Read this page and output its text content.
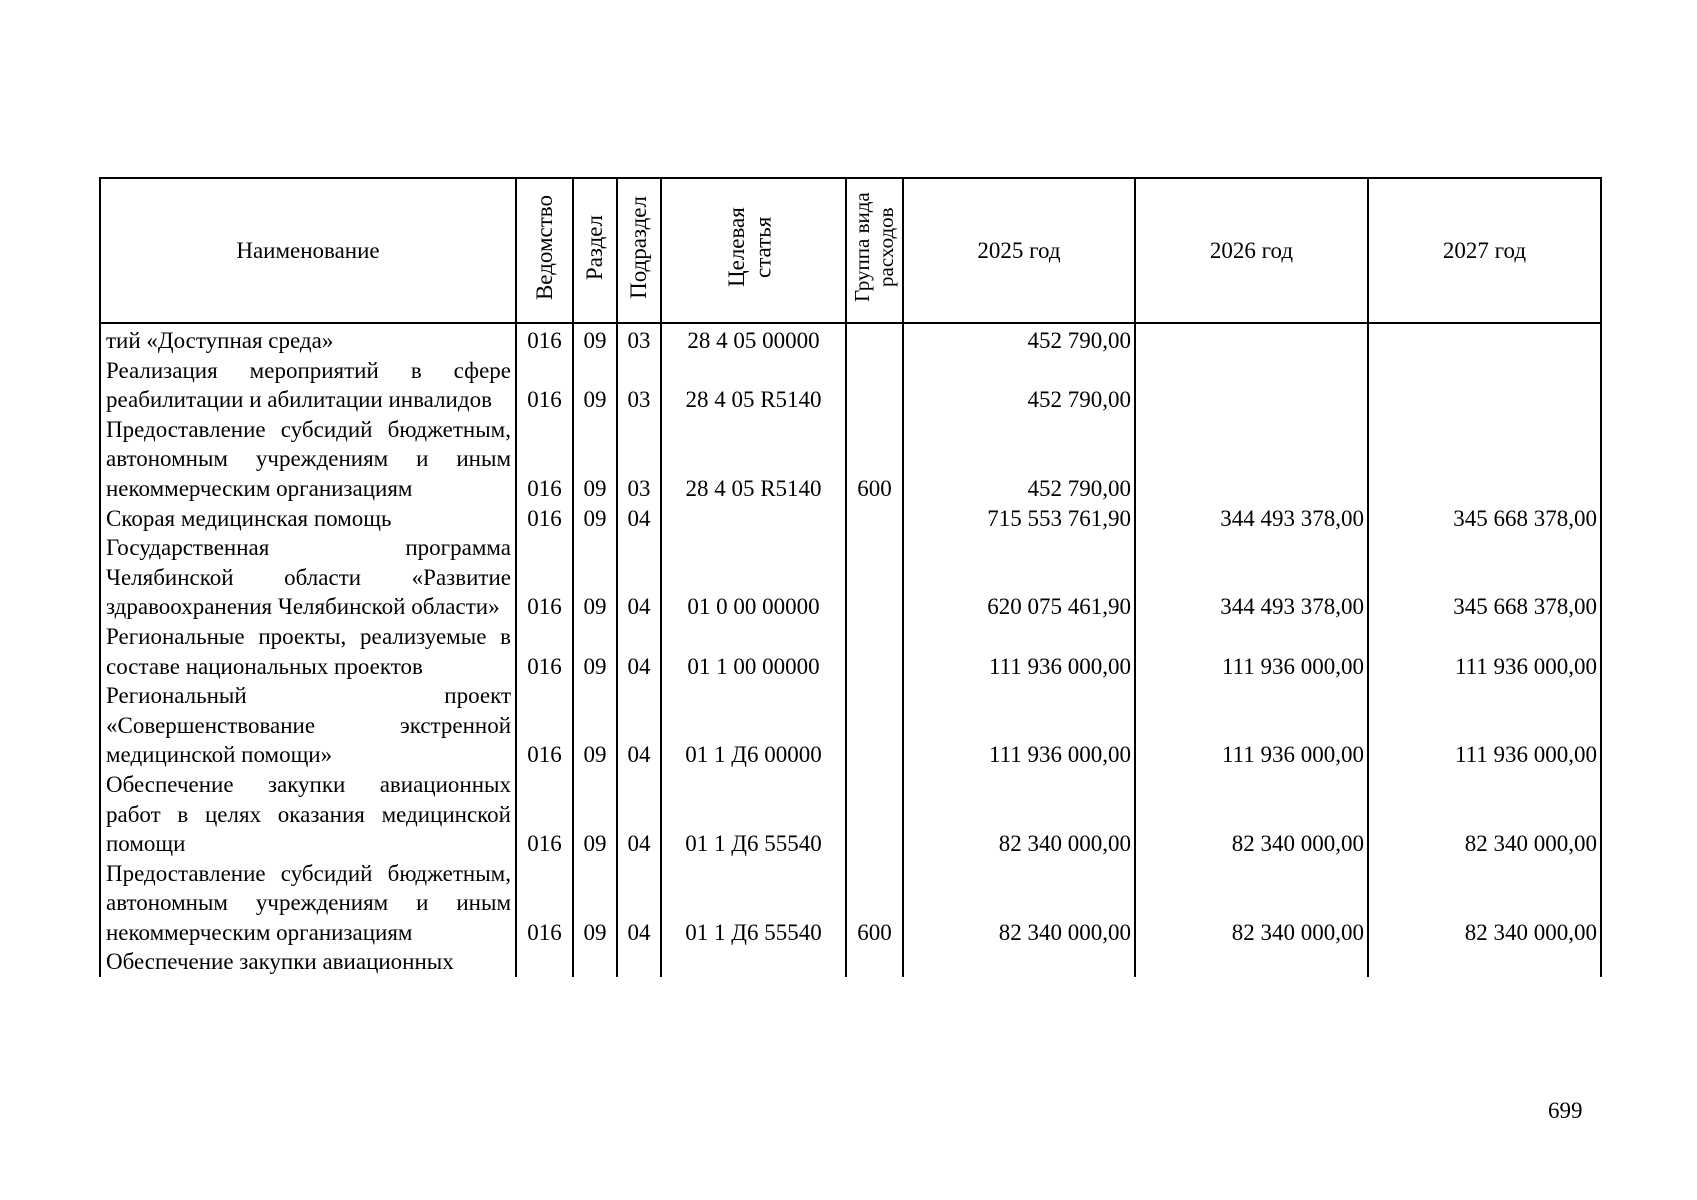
Наименование	Ведомство	Раздел	Подраздел	Целевая статья	Группа вида расходов	2025 год	2026 год	2027 год
тий «Доступная среда»	016	09	03	28 4 05 00000		452 790,00		
Реализация мероприятий в сфере реабилитации и абилитации инвалидов	016	09	03	28 4 05 R5140		452 790,00		
Предоставление субсидий бюджетным, автономным учреждениям и иным некоммерческим организациям	016	09	03	28 4 05 R5140	600	452 790,00		
Скорая медицинская помощь	016	09	04			715 553 761,90	344 493 378,00	345 668 378,00
Государственная программа Челябинской области «Развитие здравоохранения Челябинской области»	016	09	04	01 0 00 00000		620 075 461,90	344 493 378,00	345 668 378,00
Региональные проекты, реализуемые в составе национальных проектов	016	09	04	01 1 00 00000		111 936 000,00	111 936 000,00	111 936 000,00
Региональный проект «Совершенствование экстренной медицинской помощи»	016	09	04	01 1 Д6 00000		111 936 000,00	111 936 000,00	111 936 000,00
Обеспечение закупки авиационных работ в целях оказания медицинской помощи	016	09	04	01 1 Д6 55540		82 340 000,00	82 340 000,00	82 340 000,00
Предоставление субсидий бюджетным, автономным учреждениям и иным некоммерческим организациям	016	09	04	01 1 Д6 55540	600	82 340 000,00	82 340 000,00	82 340 000,00
Обеспечение закупки авиационных								
699
